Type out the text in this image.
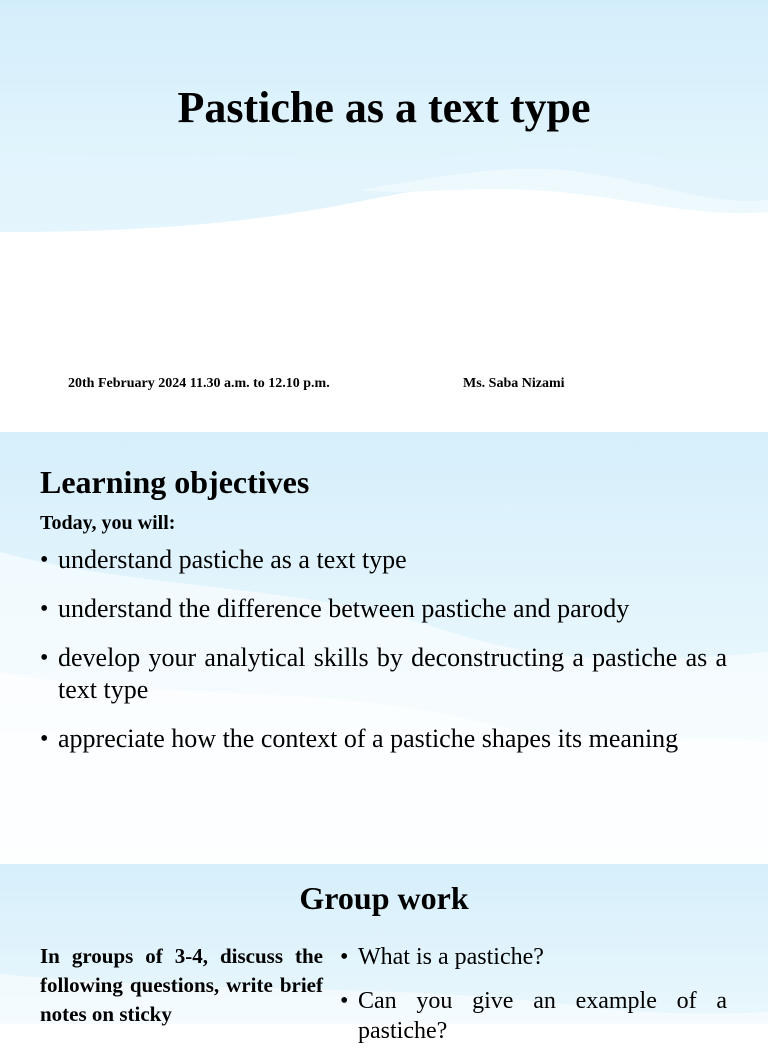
Pastiche as a text type
20th February 2024 11.30 a.m. to 12.10 p.m.	Ms. Saba Nizami
Learning objectives
Today, you will:
• understand pastiche as a text type
• understand the difference between pastiche and parody
• develop your analytical skills by deconstructing a pastiche as a text type
• appreciate how the context of a pastiche shapes its meaning
Group work
In groups of 3-4, discuss the following questions, write brief notes on sticky
• What is a pastiche?
• Can you give an example of a pastiche?
